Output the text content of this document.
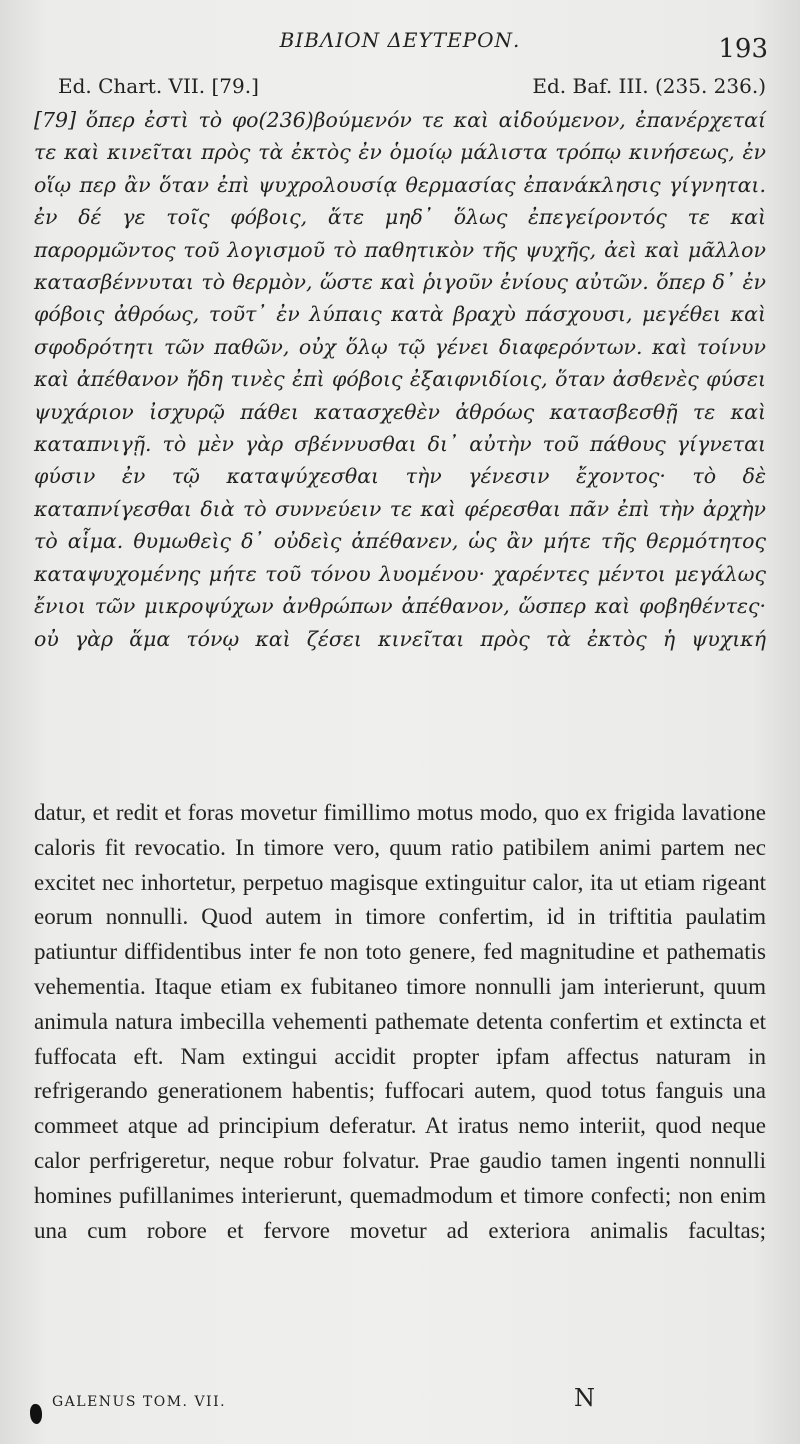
ΒΙΒΛΙΟΝ ΔΕΥΤΕΡΟΝ.	193
Ed. Chart. VII. [79.]	Ed. Baf. III. (235. 236.)

[79] ὅπερ ἐστὶ τὸ φο(236)βούμενόν τε καὶ αἰδούμενον, ἐπανέρχεταί τε καὶ κινεῖται πρὸς τὰ ἐκτὸς ἐν ὁμοίῳ μάλιστα τρόπῳ κινήσεως, ἐν οἵῳ περ ἂν ὅταν ἐπὶ ψυχρολουσίᾳ θερμασίας ἐπανάκλησις γίγνηται. ἐν δέ γε τοῖς φόβοις, ἅτε μηδ᾽ ὅλως ἐπεγείροντός τε καὶ παρορμῶντος τοῦ λογισμοῦ τὸ παθητικὸν τῆς ψυχῆς, ἀεὶ καὶ μᾶλλον κατασβέννυται τὸ θερμὸν, ὥστε καὶ ῥιγοῦν ἐνίους αὐτῶν. ὅπερ δ᾽ ἐν φόβοις ἀθρόως, τοῦτ᾽ ἐν λύπαις κατὰ βραχὺ πάσχουσι, μεγέθει καὶ σφοδρότητι τῶν παθῶν, οὐχ ὅλῳ τῷ γένει διαφερόντων. καὶ τοίνυν καὶ ἀπέθανον ἤδη τινὲς ἐπὶ φόβοις ἐξαιφνιδίοις, ὅταν ἀσθενὲς φύσει ψυχάριον ἰσχυρῷ πάθει κατασχεθὲν ἀθρόως κατασβεσθῇ τε καὶ καταπνιγῇ. τὸ μὲν γὰρ σβέννυσθαι δι᾽ αὐτὴν τοῦ πάθους γίγνεται φύσιν ἐν τῷ καταψύχεσθαι τὴν γένεσιν ἔχοντος· τὸ δὲ καταπνίγεσθαι διὰ τὸ συννεύειν τε καὶ φέρεσθαι πᾶν ἐπὶ τὴν ἀρχὴν τὸ αἷμα. θυμωθεὶς δ᾽ οὐδεὶς ἀπέθανεν, ὡς ἂν μήτε τῆς θερμότητος καταψυχομένης μήτε τοῦ τόνου λυομένου· χαρέντες μέντοι μεγάλως ἔνιοι τῶν μικροψύχων ἀνθρώπων ἀπέθανον, ὥσπερ καὶ φοβηθέντες· οὐ γὰρ ἅμα τόνῳ καὶ ζέσει κινεῖται πρὸς τὰ ἐκτὸς ἡ ψυχική

datur, et redit et foras movetur fimillimo motus modo, quo ex frigida lavatione caloris fit revocatio. In timore vero, quum ratio patibilem animi partem nec excitet nec inhortetur, perpetuo magisque extinguitur calor, ita ut etiam rigeant eorum nonnulli. Quod autem in timore confertim, id in triftitia paulatim patiuntur diffidentibus inter fe non toto genere, fed magnitudine et pathematis vehementia. Itaque etiam ex fubitaneo timore nonnulli jam interierunt, quum animula natura imbecilla vehementi pathemate detenta confertim et extincta et fuffocata eft. Nam extingui accidit propter ipfam affectus naturam in refrigerando generationem habentis; fuffocari autem, quod totus fanguis una commeet atque ad principium deferatur. At iratus nemo interiit, quod neque calor perfrigeretur, neque robur folvatur. Prae gaudio tamen ingenti nonnulli homines pufillanimes interierunt, quemadmodum et timore confecti; non enim una cum robore et fervore movetur ad exteriora animalis facultas;

GALENUS TOM. VII.	N
